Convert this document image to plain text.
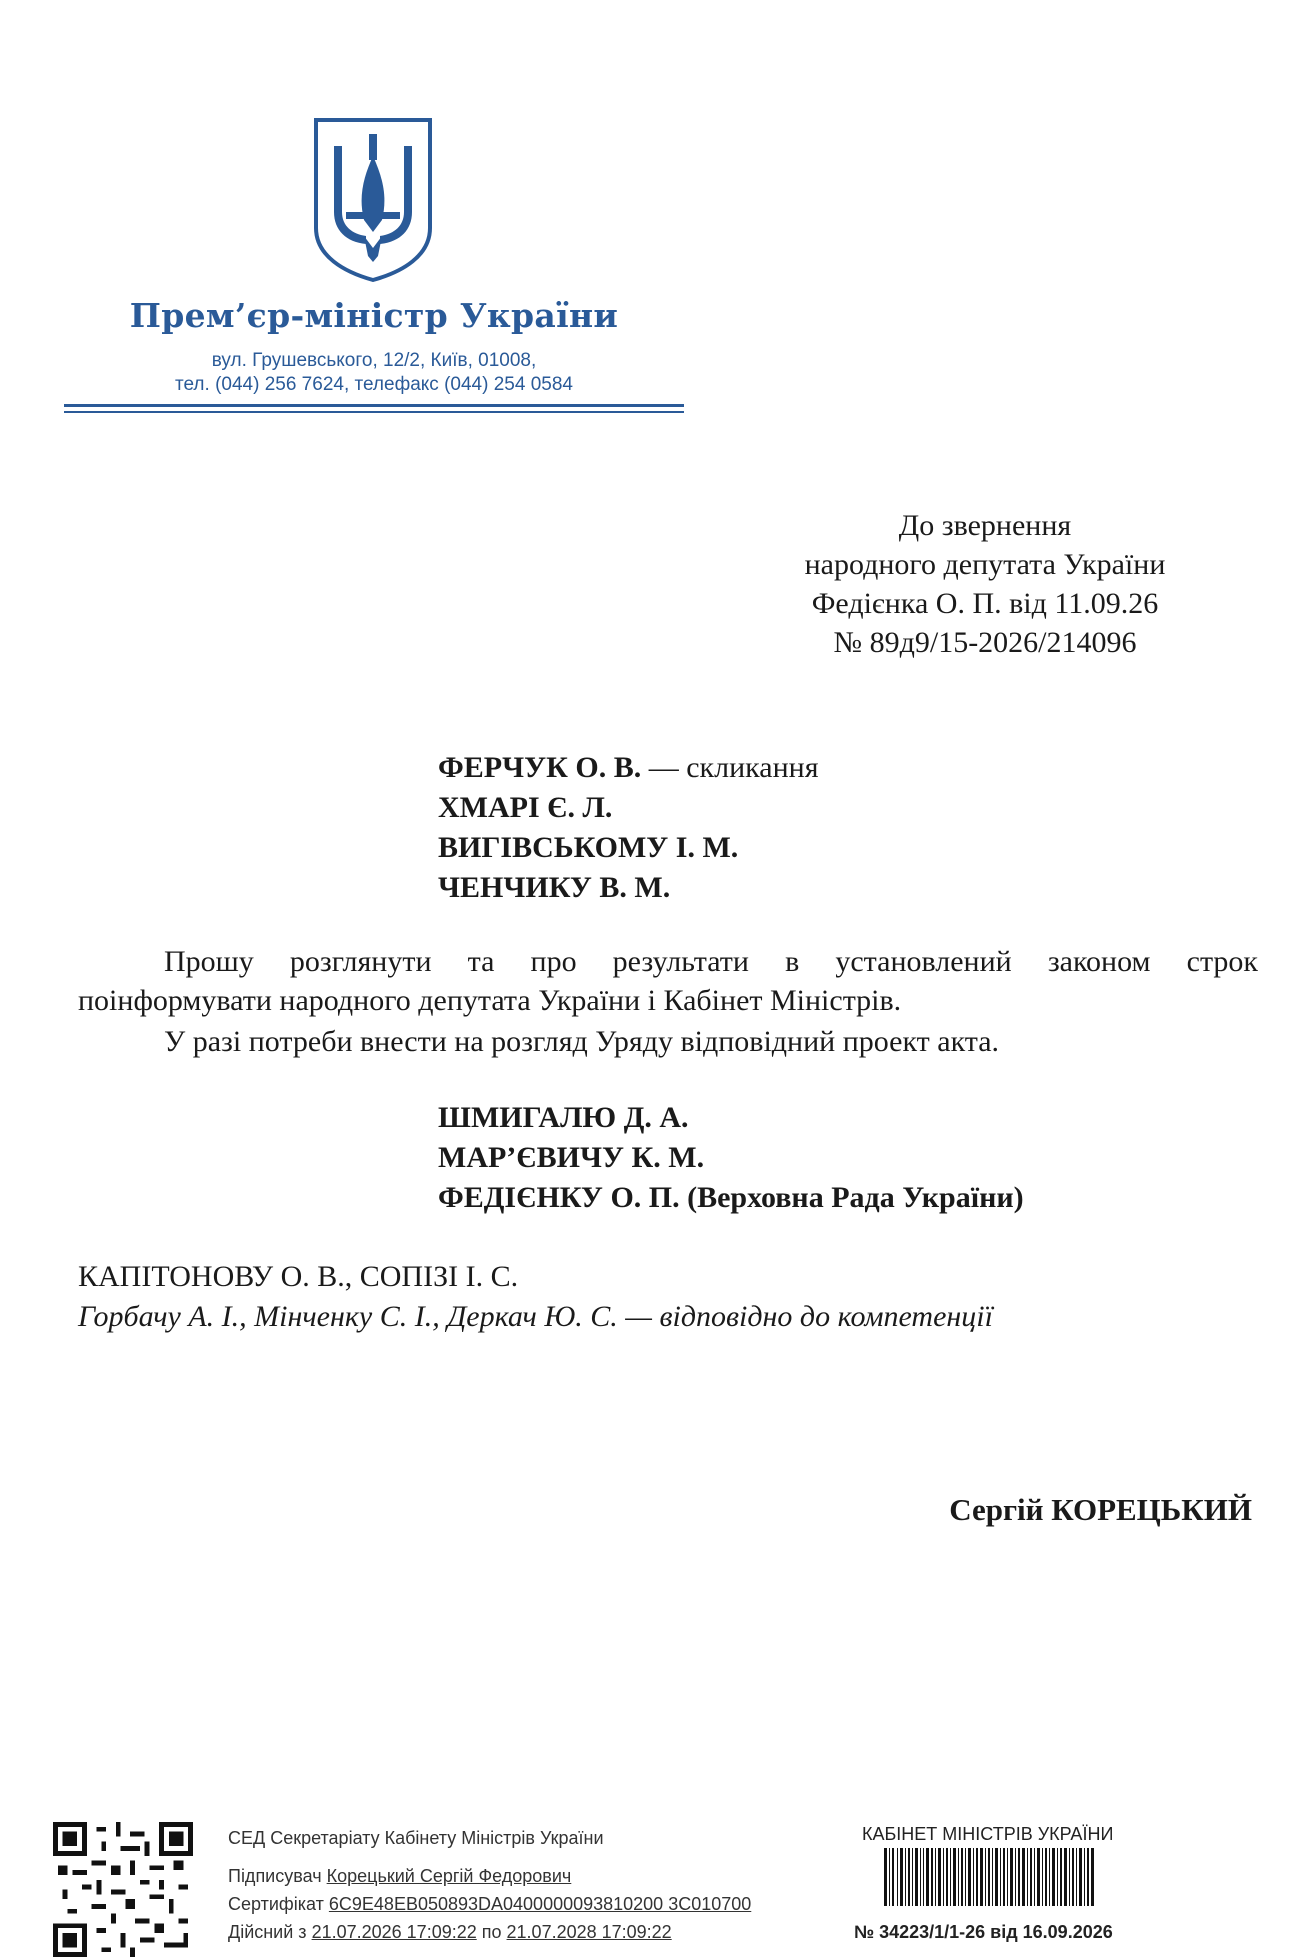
Прем’єр-міністр України
вул. Грушевського, 12/2, Київ, 01008,
тел. (044) 256 7624, телефакс (044) 254 0584
До звернення
народного депутата України
Федієнка О. П. від 11.09.26
№ 89д9/15-2026/214096
ФЕРЧУК О. В. — скликання
ХМАРІ Є. Л.
ВИГІВСЬКОМУ І. М.
ЧЕНЧИКУ В. М.
Прошу розглянути та про результати в установлений законом строк
поінформувати народного депутата України і Кабінет Міністрів.
У разі потреби внести на розгляд Уряду відповідний проект акта.
ШМИГАЛЮ Д. А.
МАР’ЄВИЧУ К. М.
ФЕДІЄНКУ О. П. (Верховна Рада України)
КАПІТОНОВУ О. В., СОПІЗІ І. С.
Горбачу А. І., Мінченку С. І., Деркач Ю. С. — відповідно до компетенції
Сергій КОРЕЦЬКИЙ
СЕД Секретаріату Кабінету Міністрів України
Підписувач Корецький Сергій Федорович
Сертифікат 6C9E48EB050893DA0400000093810200 3C010700
Дійсний з 21.07.2026 17:09:22 по 21.07.2028 17:09:22
КАБІНЕТ МІНІСТРІВ УКРАЇНИ
№ 34223/1/1-26 від 16.09.2026
